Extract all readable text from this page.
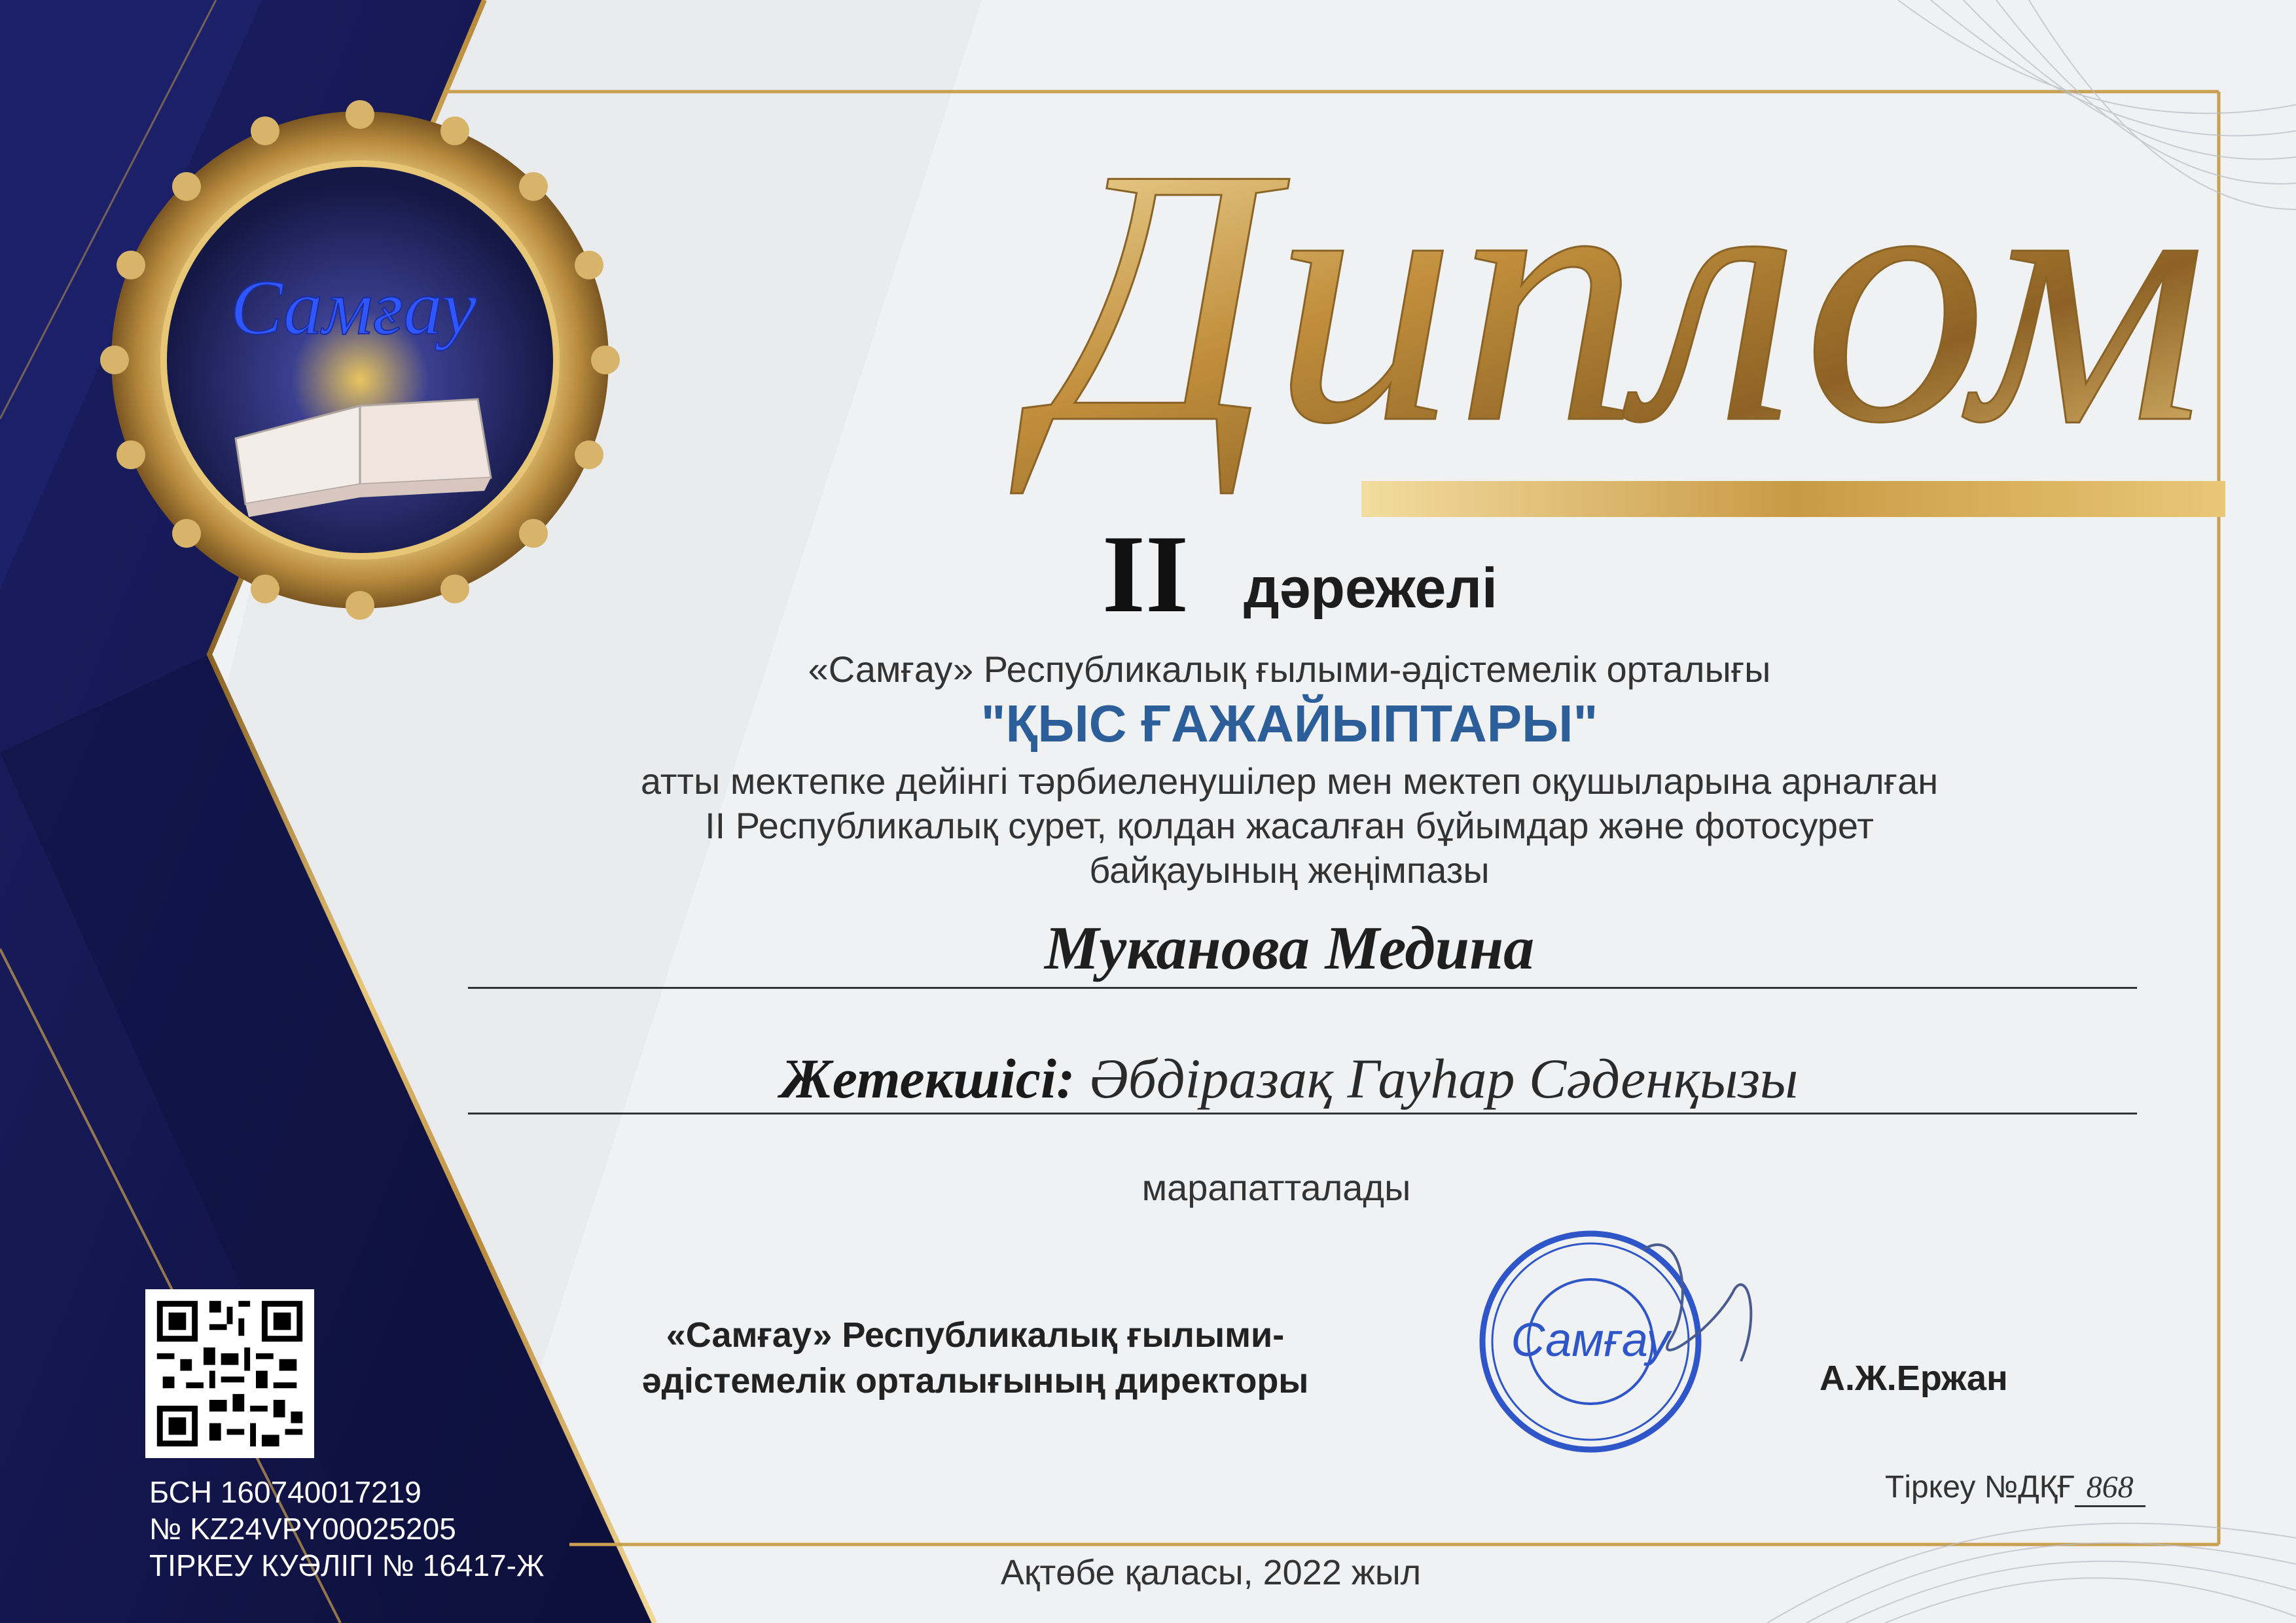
Самғау Диплом
II дәрежелі
«Самғау» Республикалық ғылыми-әдістемелік орталығы
"ҚЫС ҒАЖАЙЫПТАРЫ"
атты мектепке дейінгі тәрбиеленушілер мен мектеп оқушыларына арналған
ІІ Республикалық сурет, қолдан жасалған бұйымдар және фотосурет
байқауының жеңімпазы
Муканова Медина
Жетекшісі: Әбдіразақ Гауһар Сәденқызы
марапатталады
«Самғау» Республикалық ғылыми-
әдістемелік орталығының директоры	А.Ж.Ержан
Самғау
Тіркеу №ДҚҒ 868
Ақтөбе қаласы, 2022 жыл
БСН 160740017219
№ KZ24VPY00025205
ТІРКЕУ КУӘЛІГІ № 16417-Ж
